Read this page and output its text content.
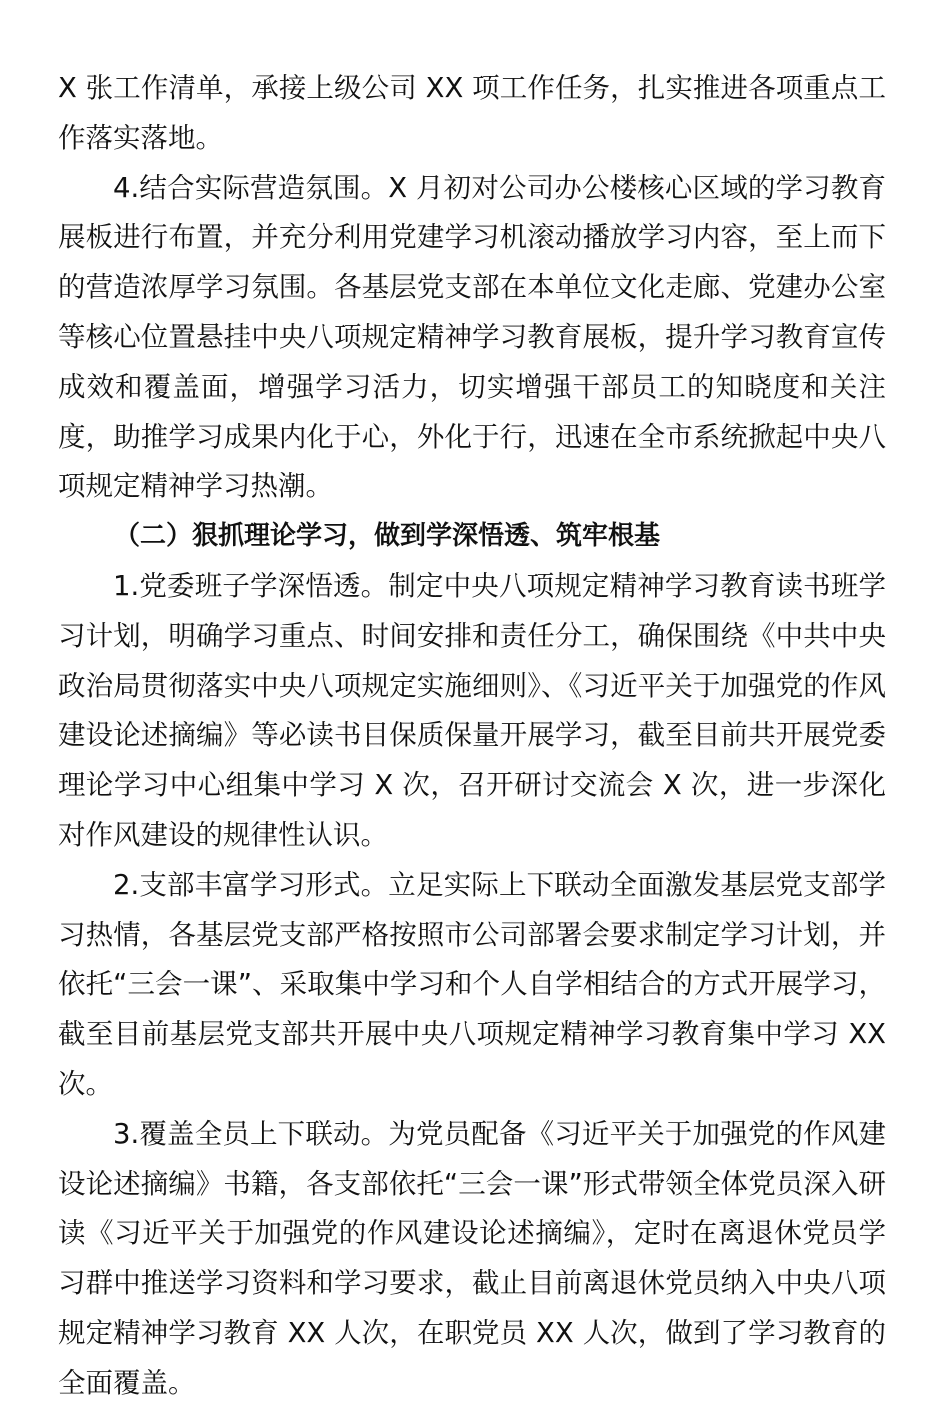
X 张工作清单，承接上级公司 XX 项工作任务，扎实推进各项重点工作落实落地。

4.结合实际营造氛围。X 月初对公司办公楼核心区域的学习教育展板进行布置，并充分利用党建学习机滚动播放学习内容，至上而下的营造浓厚学习氛围。各基层党支部在本单位文化走廊、党建办公室等核心位置悬挂中央八项规定精神学习教育展板，提升学习教育宣传成效和覆盖面，增强学习活力，切实增强干部员工的知晓度和关注度，助推学习成果内化于心，外化于行，迅速在全市系统掀起中央八项规定精神学习热潮。

（二）狠抓理论学习，做到学深悟透、筑牢根基

1.党委班子学深悟透。制定中央八项规定精神学习教育读书班学习计划，明确学习重点、时间安排和责任分工，确保围绕《中共中央政治局贯彻落实中央八项规定实施细则》、《习近平关于加强党的作风建设论述摘编》等必读书目保质保量开展学习，截至目前共开展党委理论学习中心组集中学习 X 次，召开研讨交流会 X 次，进一步深化对作风建设的规律性认识。

2.支部丰富学习形式。立足实际上下联动全面激发基层党支部学习热情，各基层党支部严格按照市公司部署会要求制定学习计划，并依托“三会一课”、采取集中学习和个人自学相结合的方式开展学习，截至目前基层党支部共开展中央八项规定精神学习教育集中学习 XX 次。

3.覆盖全员上下联动。为党员配备《习近平关于加强党的作风建设论述摘编》书籍，各支部依托“三会一课”形式带领全体党员深入研读《习近平关于加强党的作风建设论述摘编》，定时在离退休党员学习群中推送学习资料和学习要求，截止目前离退休党员纳入中央八项规定精神学习教育 XX 人次，在职党员 XX 人次，做到了学习教育的全面覆盖。
